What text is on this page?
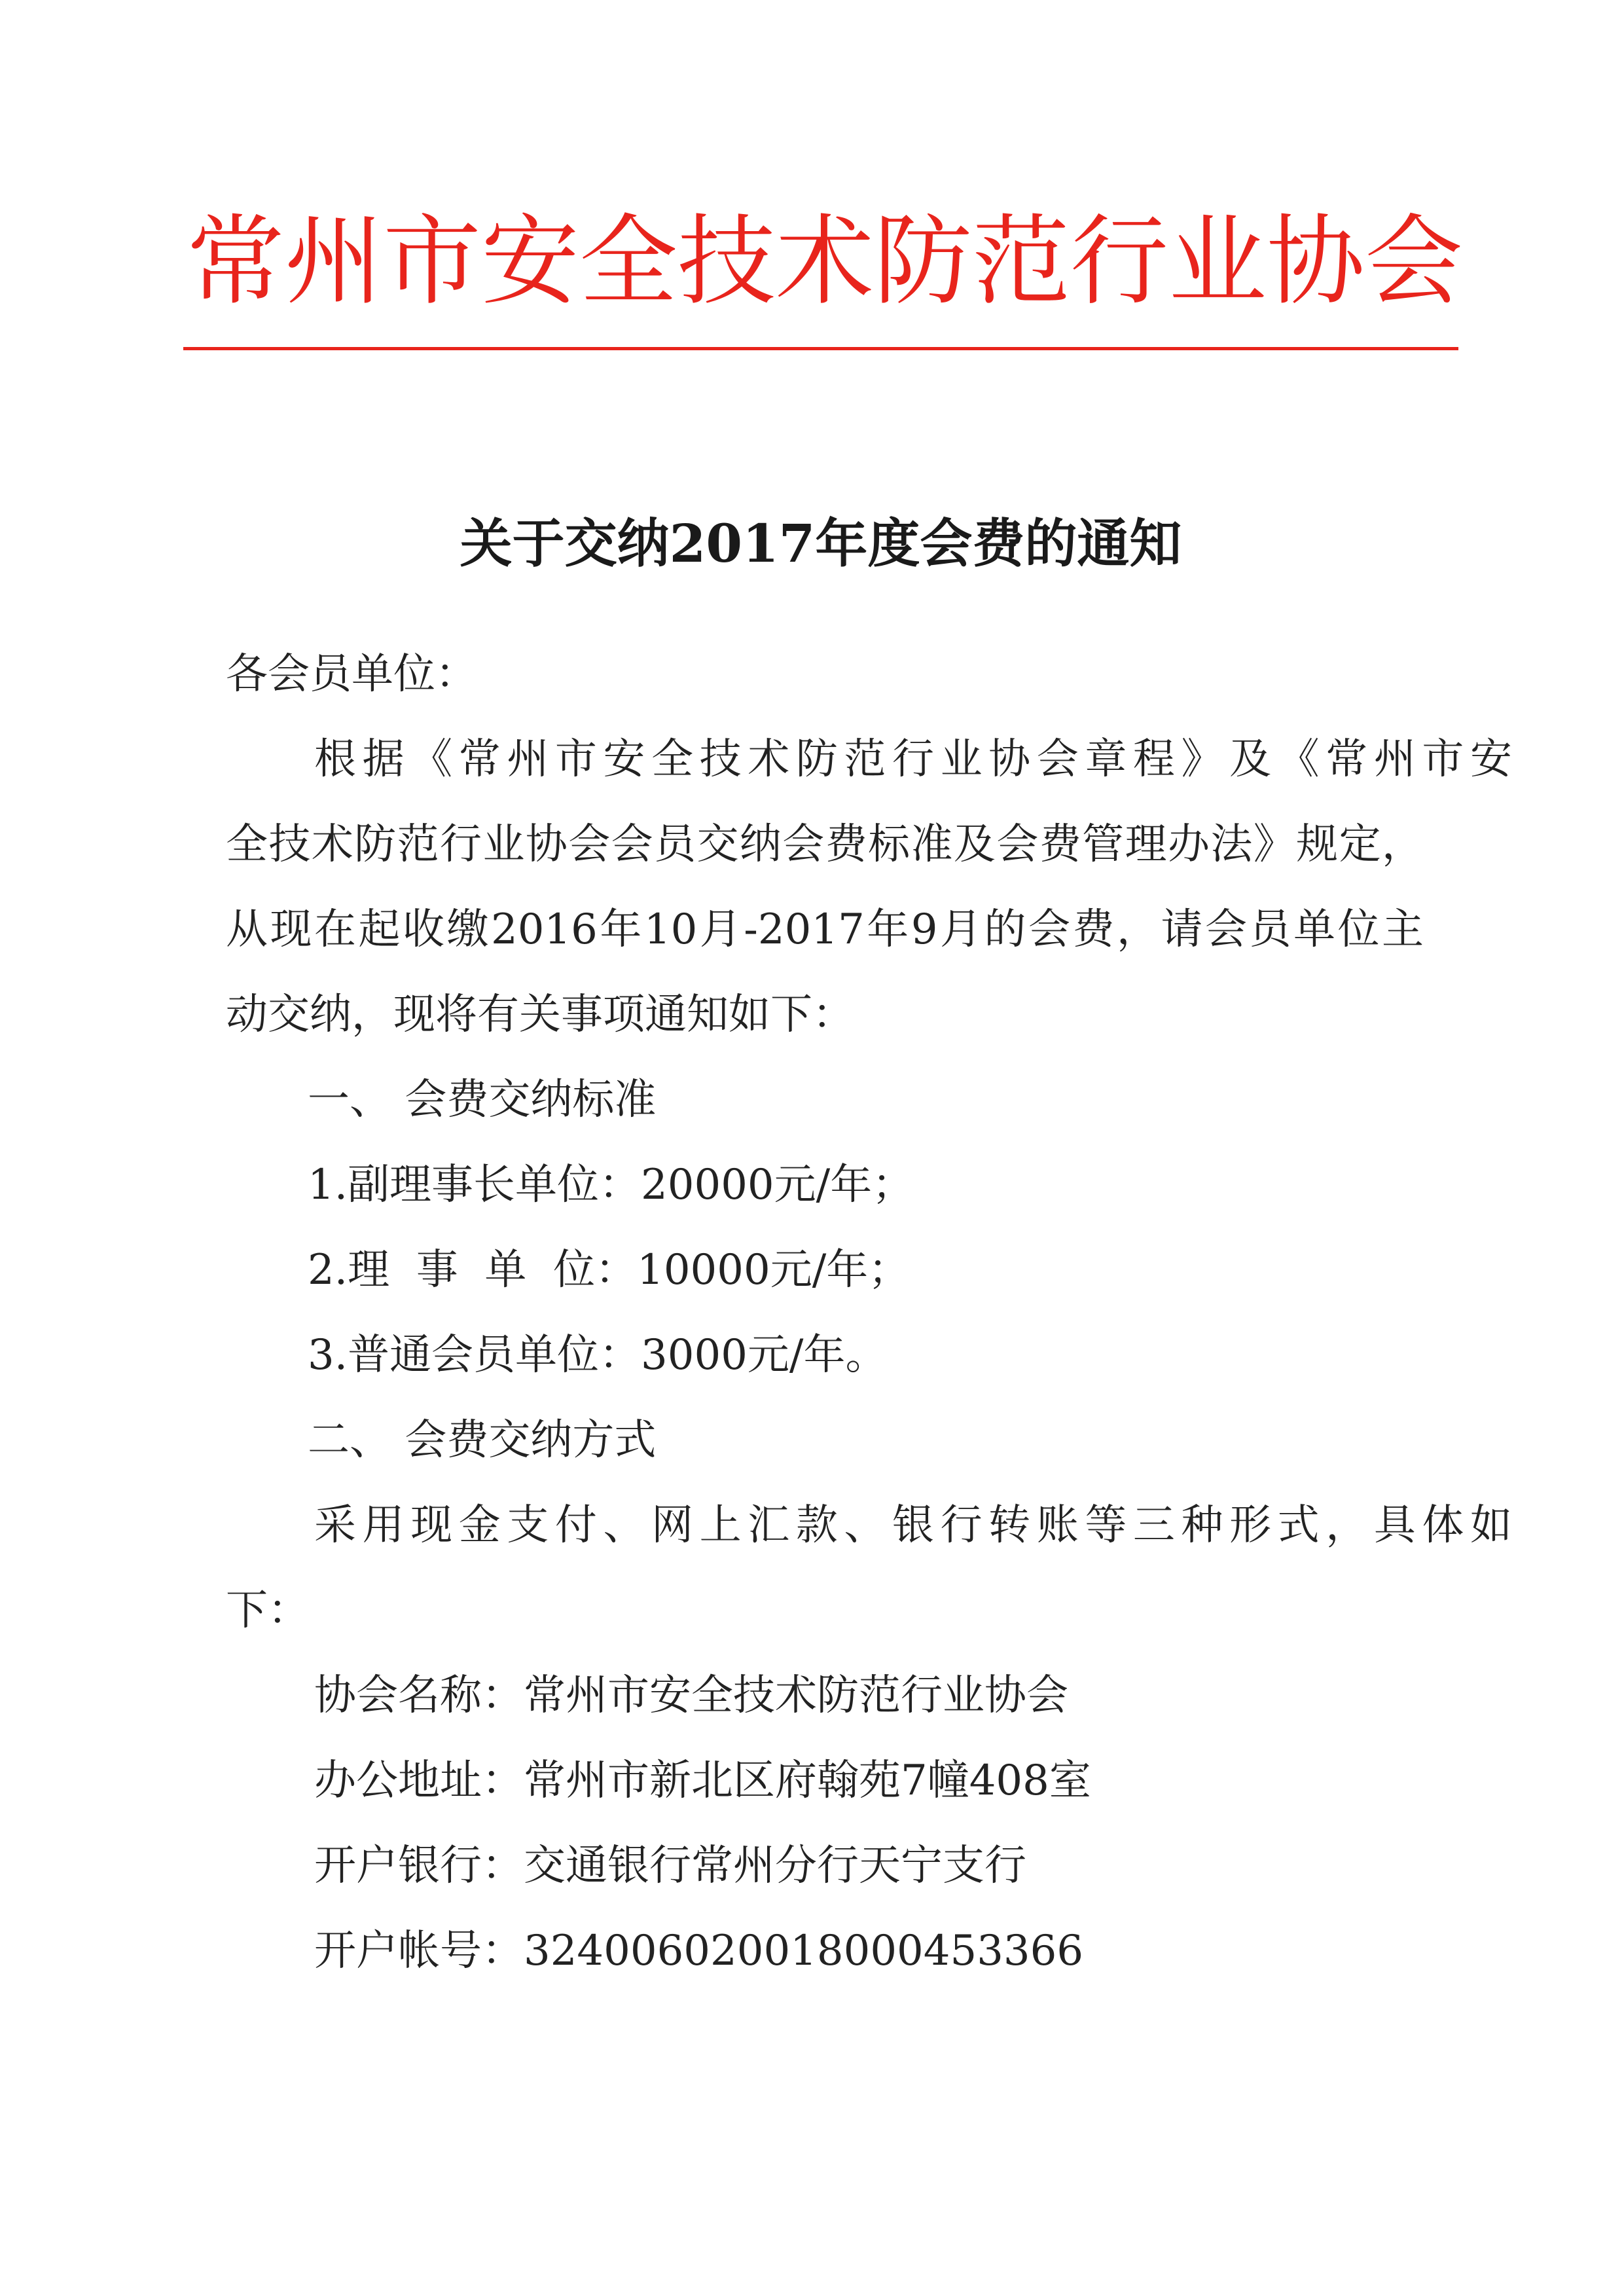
常州市安全技术防范行业协会
关于交纳2017年度会费的通知
各会员单位：
根据《常州市安全技术防范行业协会章程》及《常州市安
全技术防范行业协会会员交纳会费标准及会费管理办法》规定，
从现在起收缴2016年10月-2017年9月的会费，请会员单位主
动交纳，现将有关事项通知如下：
一、 会费交纳标准
1.副理事长单位：20000元/年；
2.理  事  单  位：10000元/年；
3.普通会员单位：3000元/年。
二、 会费交纳方式
采用现金支付、网上汇款、银行转账等三种形式，具体如
下：
协会名称：常州市安全技术防范行业协会
办公地址：常州市新北区府翰苑7幢408室
开户银行：交通银行常州分行天宁支行
开户帐号：32400602001800045336​6
